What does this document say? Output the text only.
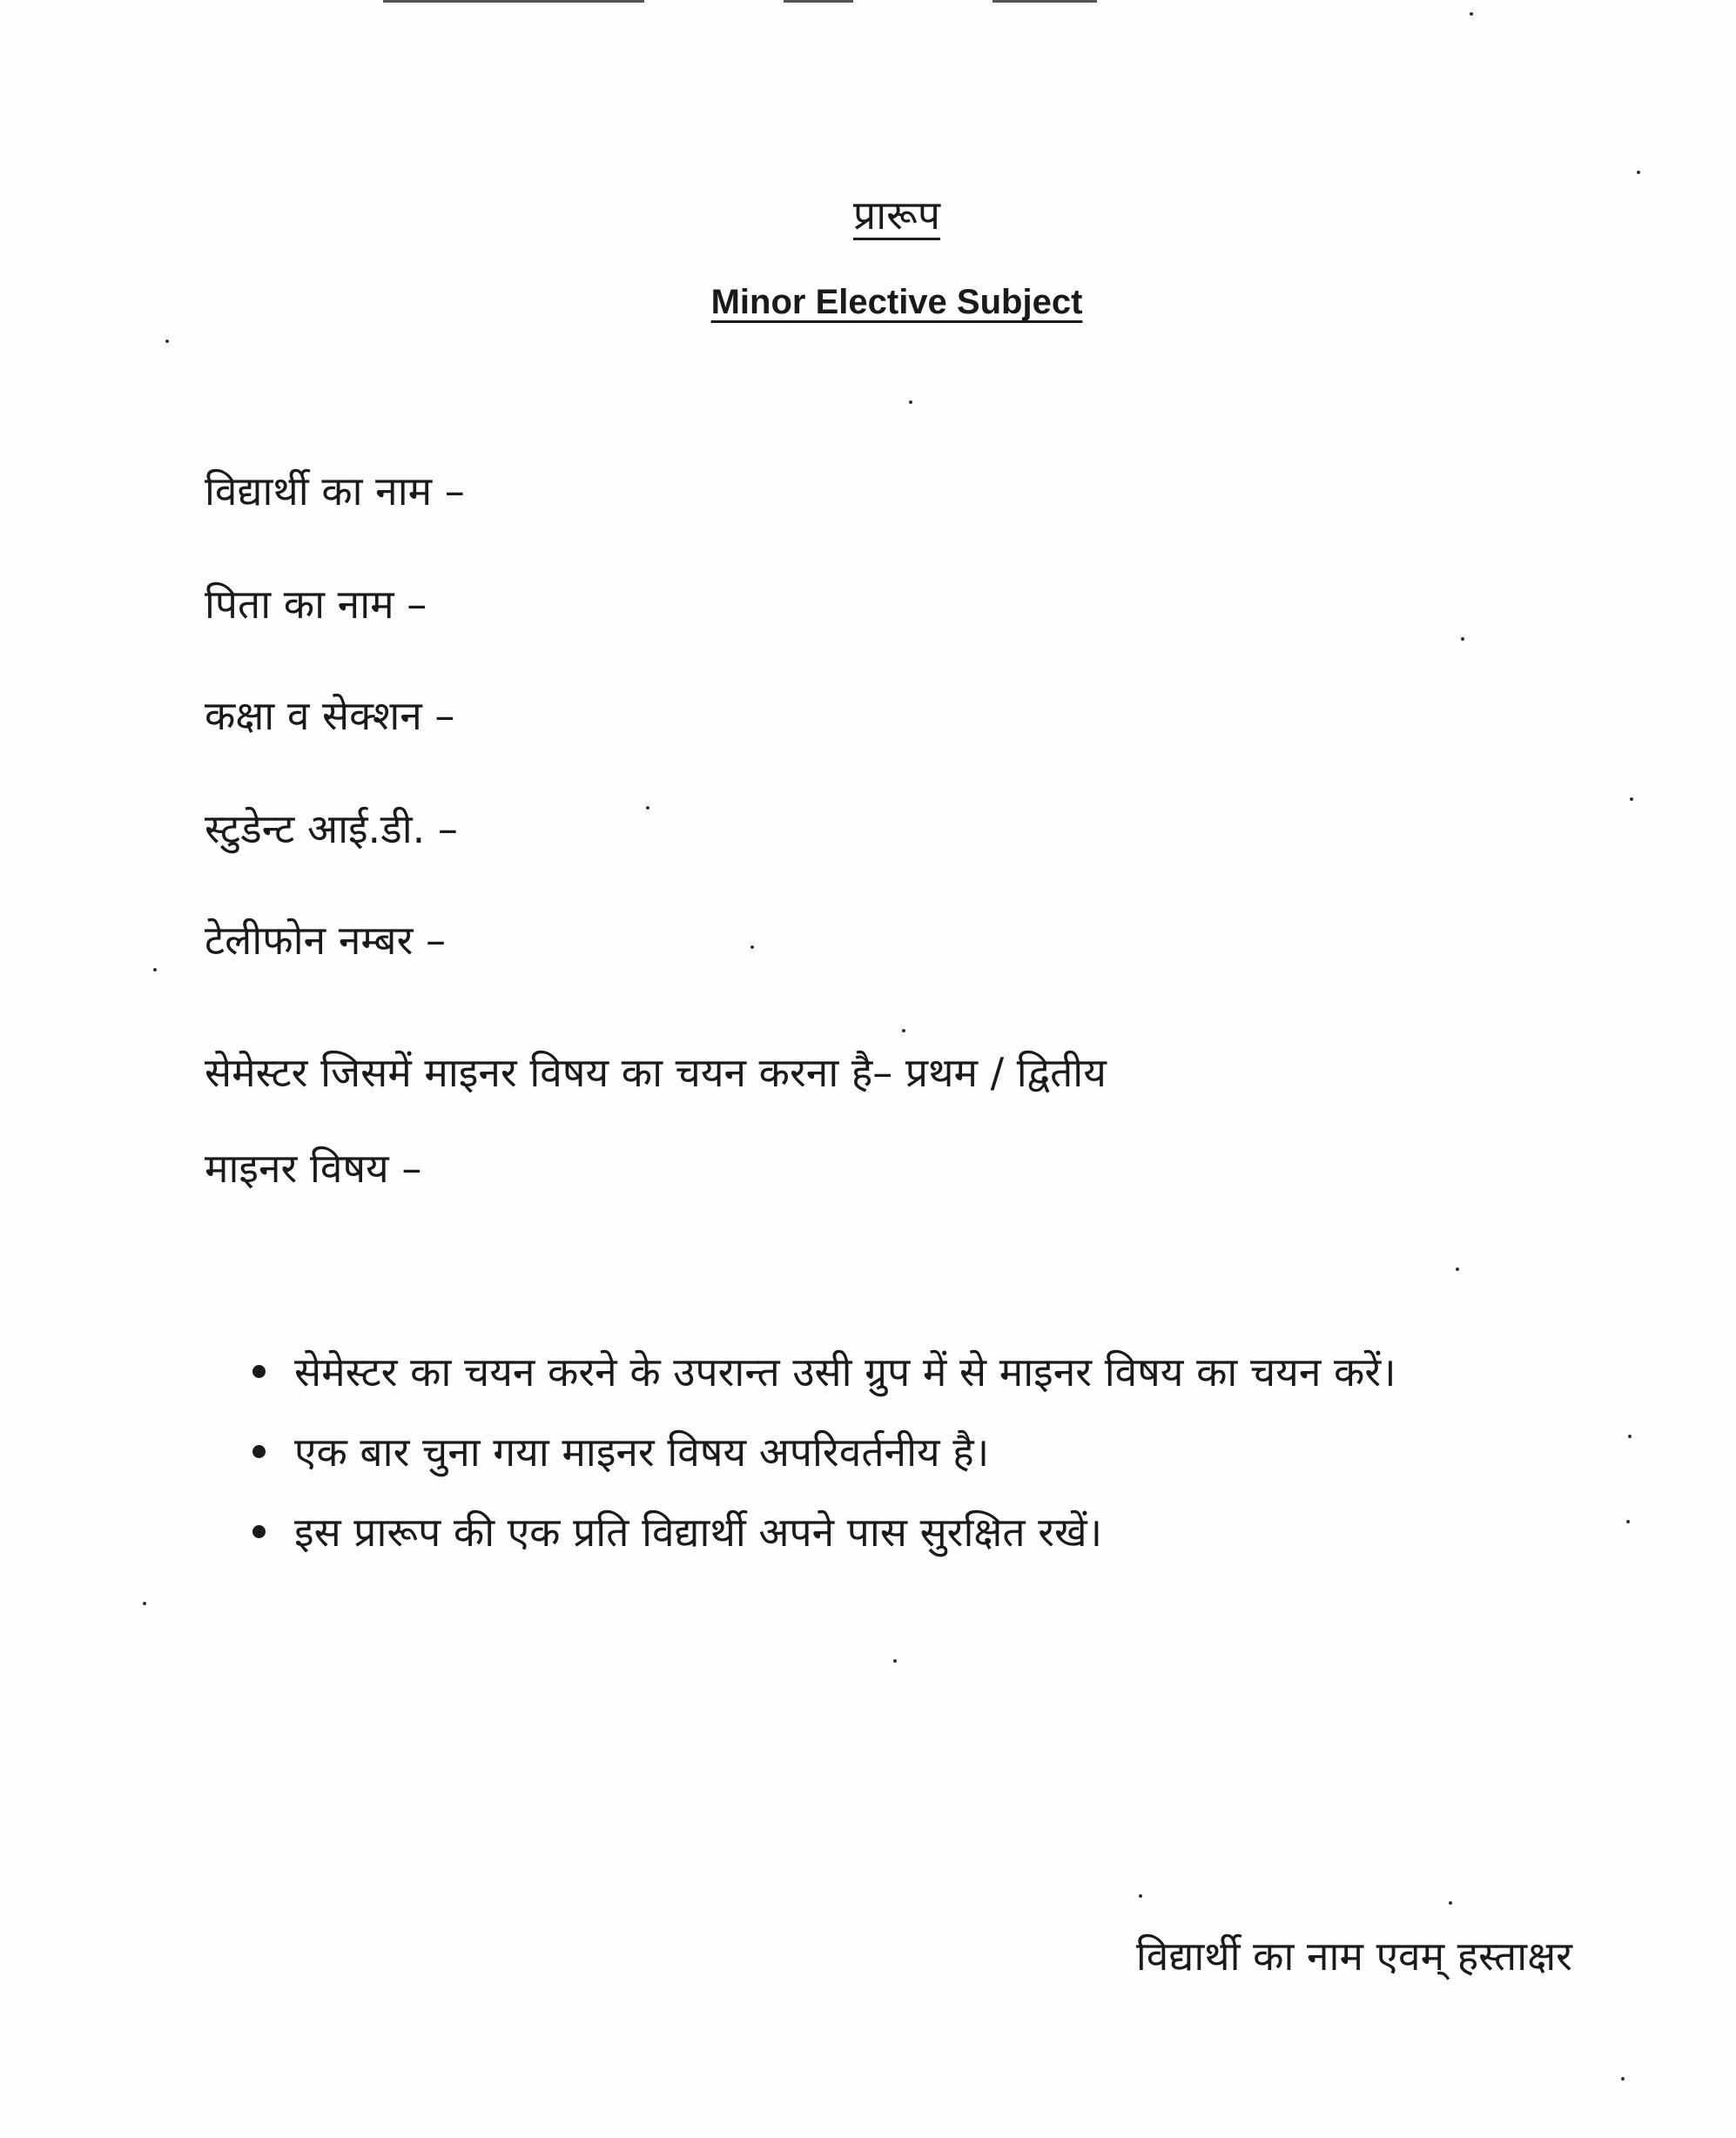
प्रारूप
Minor Elective Subject
विद्यार्थी का नाम –
पिता का नाम –
कक्षा व सेक्शन –
स्टुडेन्ट आई.डी. –
टेलीफोन नम्बर –
सेमेस्टर जिसमें माइनर विषय का चयन करना है– प्रथम / द्वितीय
माइनर विषय –
सेमेस्टर का चयन करने के उपरान्त उसी ग्रुप में से माइनर विषय का चयन करें।
एक बार चुना गया माइनर विषय अपरिवर्तनीय है।
इस प्रारूप की एक प्रति विद्यार्थी अपने पास सुरक्षित रखें।
विद्यार्थी का नाम एवम् हस्ताक्षर
